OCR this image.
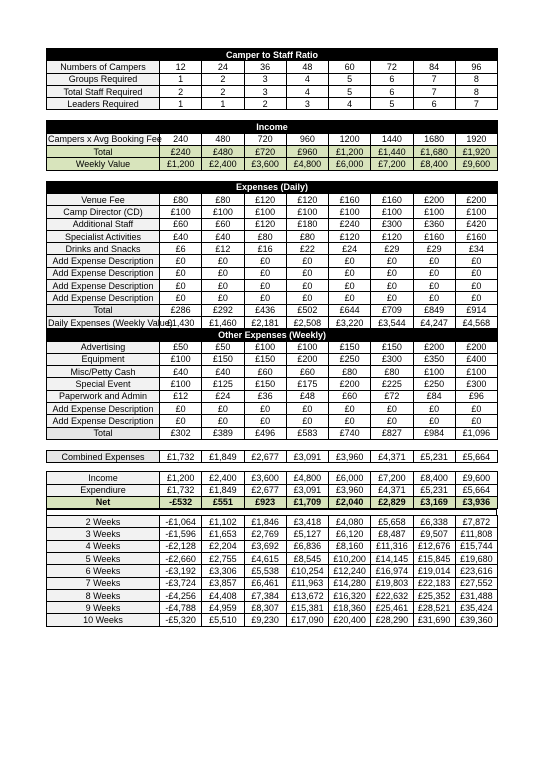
Camper to Staff Ratio								
Numbers of Campers	12	24	36	48	60	72	84	96
Groups Required	1	2	3	4	5	6	7	8
Total Staff Required	2	2	3	4	5	6	7	8
Leaders Required	1	1	2	3	4	5	6	7
Income								
Campers x Avg Booking Fee	240	480	720	960	1200	1440	1680	1920
Total	£240	£480	£720	£960	£1,200	£1,440	£1,680	£1,920
Weekly Value	£1,200	£2,400	£3,600	£4,800	£6,000	£7,200	£8,400	£9,600
Expenses (Daily)								
Venue Fee	£80	£80	£120	£120	£160	£160	£200	£200
Camp Director (CD)	£100	£100	£100	£100	£100	£100	£100	£100
Additional Staff	£60	£60	£120	£180	£240	£300	£360	£420
Specialist Activities	£40	£40	£80	£80	£120	£120	£160	£160
Drinks and Snacks	£6	£12	£16	£22	£24	£29	£29	£34
Add Expense Description	£0	£0	£0	£0	£0	£0	£0	£0
Add Expense Description	£0	£0	£0	£0	£0	£0	£0	£0
Add Expense Description	£0	£0	£0	£0	£0	£0	£0	£0
Add Expense Description	£0	£0	£0	£0	£0	£0	£0	£0
Total	£286	£292	£436	£502	£644	£709	£849	£914
Daily Expenses (Weekly Value)	£1,430	£1,460	£2,181	£2,508	£3,220	£3,544	£4,247	£4,568
Other Expenses (Weekly)								
Advertising	£50	£50	£100	£100	£150	£150	£200	£200
Equipment	£100	£150	£150	£200	£250	£300	£350	£400
Misc/Petty Cash	£40	£40	£60	£60	£80	£80	£100	£100
Special Event	£100	£125	£150	£175	£200	£225	£250	£300
Paperwork and Admin	£12	£24	£36	£48	£60	£72	£84	£96
Add Expense Description	£0	£0	£0	£0	£0	£0	£0	£0
Add Expense Description	£0	£0	£0	£0	£0	£0	£0	£0
Total	£302	£389	£496	£583	£740	£827	£984	£1,096
Combined Expenses	£1,732	£1,849	£2,677	£3,091	£3,960	£4,371	£5,231	£5,664
Income	£1,200	£2,400	£3,600	£4,800	£6,000	£7,200	£8,400	£9,600
Expendiure	£1,732	£1,849	£2,677	£3,091	£3,960	£4,371	£5,231	£5,664
Net	-£532	£551	£923	£1,709	£2,040	£2,829	£3,169	£3,936
2 Weeks	-£1,064	£1,102	£1,846	£3,418	£4,080	£5,658	£6,338	£7,872
3 Weeks	-£1,596	£1,653	£2,769	£5,127	£6,120	£8,487	£9,507	£11,808
4 Weeks	-£2,128	£2,204	£3,692	£6,836	£8,160	£11,316	£12,676	£15,744
5 Weeks	-£2,660	£2,755	£4,615	£8,545	£10,200	£14,145	£15,845	£19,680
6 Weeks	-£3,192	£3,306	£5,538	£10,254	£12,240	£16,974	£19,014	£23,616
7 Weeks	-£3,724	£3,857	£6,461	£11,963	£14,280	£19,803	£22,183	£27,552
8 Weeks	-£4,256	£4,408	£7,384	£13,672	£16,320	£22,632	£25,352	£31,488
9 Weeks	-£4,788	£4,959	£8,307	£15,381	£18,360	£25,461	£28,521	£35,424
10 Weeks	-£5,320	£5,510	£9,230	£17,090	£20,400	£28,290	£31,690	£39,360
